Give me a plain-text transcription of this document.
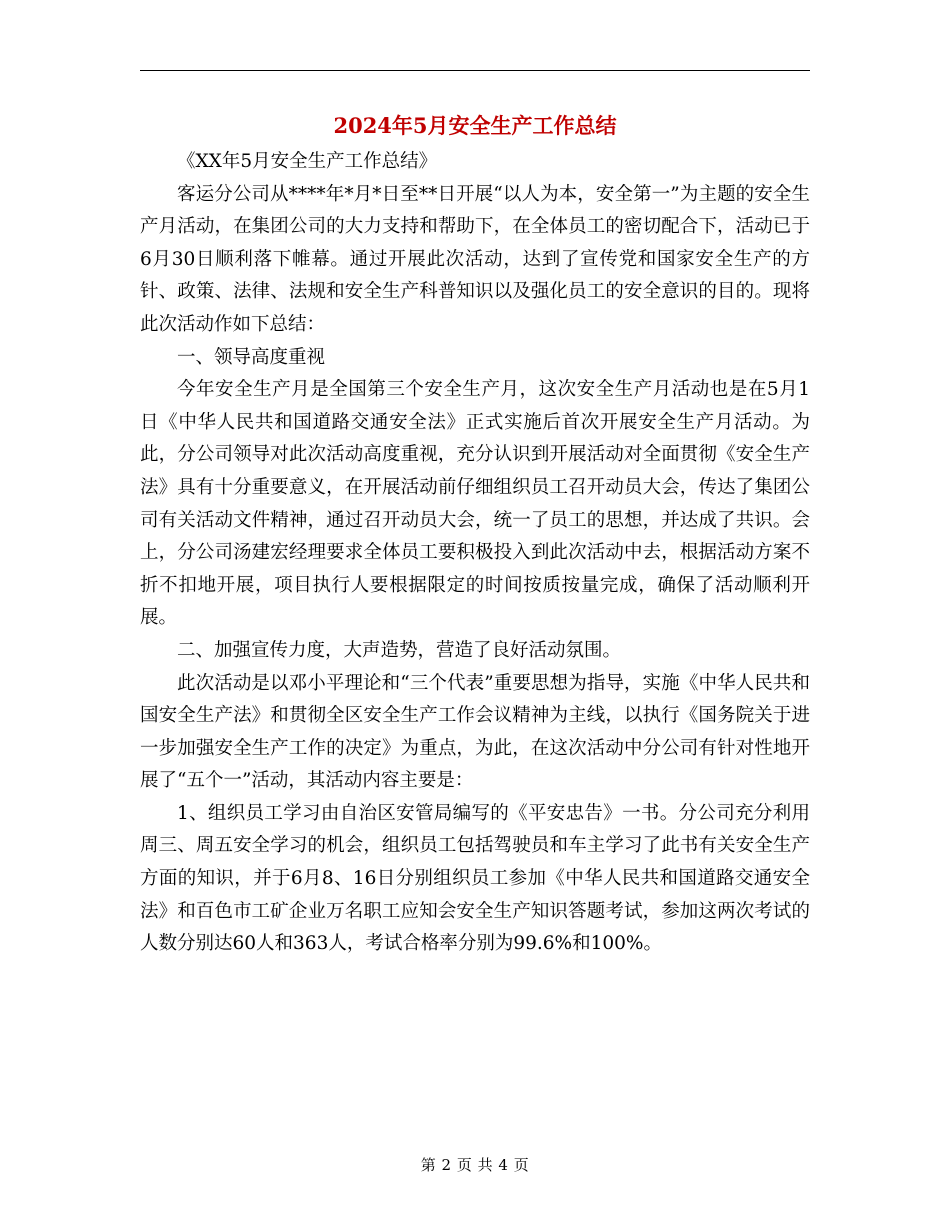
2024年5月安全生产工作总结

《XX年5月安全生产工作总结》

客运分公司从****年*月*日至**日开展“以人为本，安全第一”为主题的安全生产月活动，在集团公司的大力支持和帮助下，在全体员工的密切配合下，活动已于6月30日顺利落下帷幕。通过开展此次活动，达到了宣传党和国家安全生产的方针、政策、法律、法规和安全生产科普知识以及强化员工的安全意识的目的。现将此次活动作如下总结：

一、领导高度重视

今年安全生产月是全国第三个安全生产月，这次安全生产月活动也是在5月1日《中华人民共和国道路交通安全法》正式实施后首次开展安全生产月活动。为此，分公司领导对此次活动高度重视，充分认识到开展活动对全面贯彻《安全生产法》具有十分重要意义，在开展活动前仔细组织员工召开动员大会，传达了集团公司有关活动文件精神，通过召开动员大会，统一了员工的思想，并达成了共识。会上，分公司汤建宏经理要求全体员工要积极投入到此次活动中去，根据活动方案不折不扣地开展，项目执行人要根据限定的时间按质按量完成，确保了活动顺利开展。

二、加强宣传力度，大声造势，营造了良好活动氛围。

此次活动是以邓小平理论和“三个代表”重要思想为指导，实施《中华人民共和国安全生产法》和贯彻全区安全生产工作会议精神为主线，以执行《国务院关于进一步加强安全生产工作的决定》为重点，为此，在这次活动中分公司有针对性地开展了“五个一”活动，其活动内容主要是：

1、组织员工学习由自治区安管局编写的《平安忠告》一书。分公司充分利用周三、周五安全学习的机会，组织员工包括驾驶员和车主学习了此书有关安全生产方面的知识，并于6月8、16日分别组织员工参加《中华人民共和国道路交通安全法》和百色市工矿企业万名职工应知会安全生产知识答题考试，参加这两次考试的人数分别达60人和363人，考试合格率分别为99.6%和100%。

第 2 页 共 4 页
